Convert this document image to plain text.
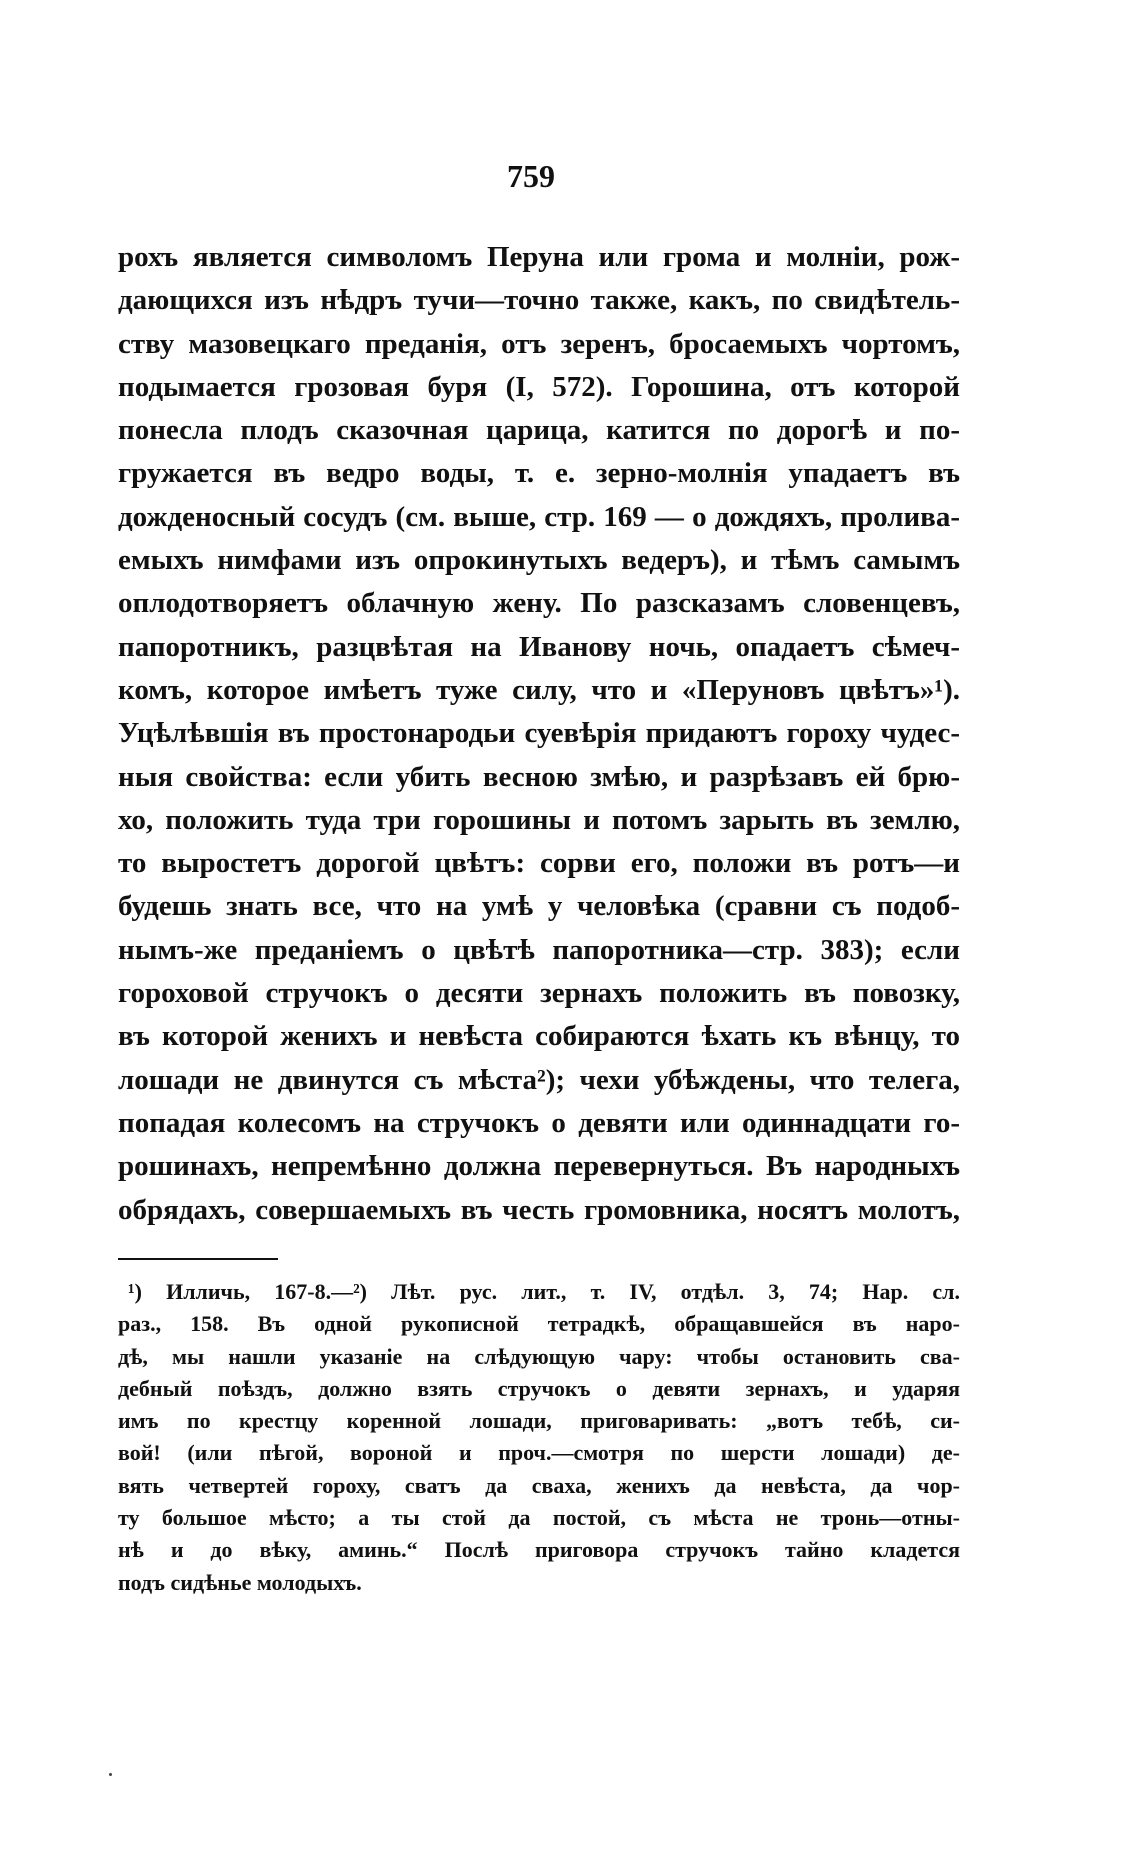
759
рохъ является символомъ Перуна или грома и молніи, рож-
дающихся изъ нѣдръ тучи—точно также, какъ, по свидѣтель-
ству мазовецкаго преданія, отъ зеренъ, бросаемыхъ чортомъ,
подымается грозовая буря (I, 572). Горошина, отъ которой
понесла плодъ сказочная царица, катится по дорогѣ и по-
гружается въ ведро воды, т. е. зерно-молнія упадаетъ въ
дожденосный сосудъ (см. выше, стр. 169 — о дождяхъ, проливa-
емыхъ нимфами изъ опрокинутыхъ ведеръ), и тѣмъ самымъ
оплодотворяетъ облачную жену. По разсказамъ словенцевъ,
папоротникъ, разцвѣтая на Иванову ночь, опадаетъ сѣмеч-
комъ, которое имѣетъ туже силу, что и «Перуновъ цвѣтъ»¹).
Уцѣлѣвшія въ простонародьи суевѣрія придаютъ гороху чудес-
ныя свойства: если убить весною змѣю, и разрѣзавъ ей брю-
хо, положить туда три горошины и потомъ зарыть въ землю,
то выростетъ дорогой цвѣтъ: сорви его, положи въ ротъ—и
будешь знать все, что на умѣ у человѣка (сравни съ подоб-
нымъ-же преданіемъ о цвѣтѣ папоротника—стр. 383); если
гороховой стручокъ о десяти зернахъ положить въ повозку,
въ которой женихъ и невѣста собираются ѣхать къ вѣнцу, то
лошади не двинутся съ мѣста²); чехи убѣждены, что телега,
попадая колесомъ на стручокъ о девяти или одиннадцати го-
рошинахъ, непремѣнно должна перевернуться. Въ народныхъ
обрядахъ, совершаемыхъ въ честь громовника, носятъ молотъ,
¹) Илличь, 167-8.—²) Лѣт. рус. лит., т. IV, отдѣл. 3, 74; Нар. сл.
раз., 158. Въ одной рукописной тетрадкѣ, обращавшейся въ наро-
дѣ, мы нашли указаніе на слѣдующую чару: чтобы остановить сва-
дебный поѣздъ, должно взять стручокъ о девяти зернахъ, и ударяя
имъ по крестцу коренной лошади, приговаривать: „вотъ тебѣ, си-
вой! (или пѣгой, вороной и проч.—смотря по шерсти лошади) де-
вять четвертей гороху, сватъ да сваха, женихъ да невѣста, да чор-
ту большое мѣсто; а ты стой да постой, съ мѣста не тронь—отны-
нѣ и до вѣку, аминь.“ Послѣ приговора стручокъ тайно кладется
подъ сидѣнье молодыхъ.
